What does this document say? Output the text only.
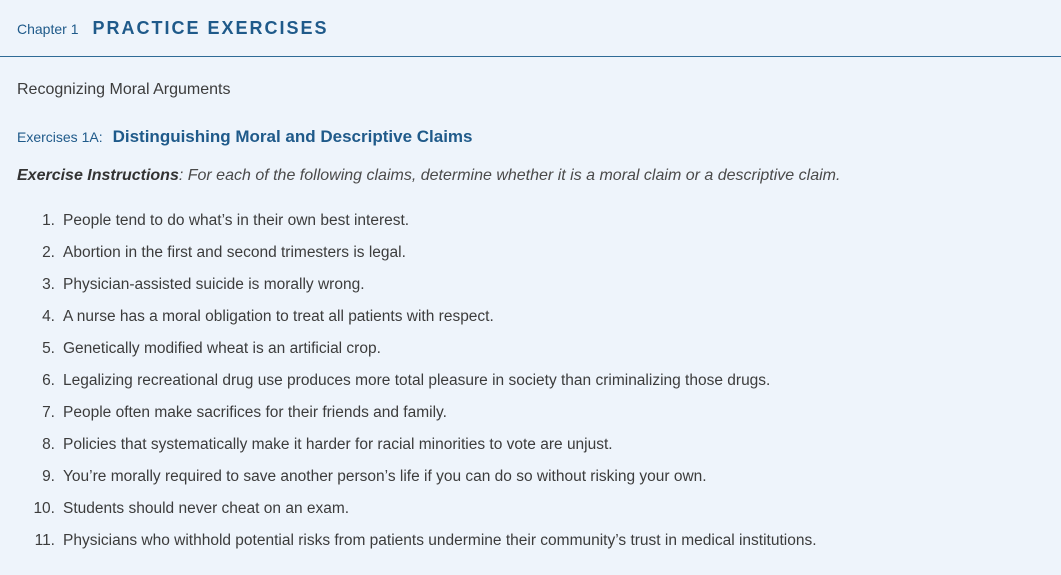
Chapter 1 PRACTICE EXERCISES
Recognizing Moral Arguments
Exercises 1A: Distinguishing Moral and Descriptive Claims
Exercise Instructions: For each of the following claims, determine whether it is a moral claim or a descriptive claim.
1. People tend to do what’s in their own best interest.
2. Abortion in the first and second trimesters is legal.
3. Physician-assisted suicide is morally wrong.
4. A nurse has a moral obligation to treat all patients with respect.
5. Genetically modified wheat is an artificial crop.
6. Legalizing recreational drug use produces more total pleasure in society than criminalizing those drugs.
7. People often make sacrifices for their friends and family.
8. Policies that systematically make it harder for racial minorities to vote are unjust.
9. You’re morally required to save another person’s life if you can do so without risking your own.
10. Students should never cheat on an exam.
11. Physicians who withhold potential risks from patients undermine their community’s trust in medical institutions.
